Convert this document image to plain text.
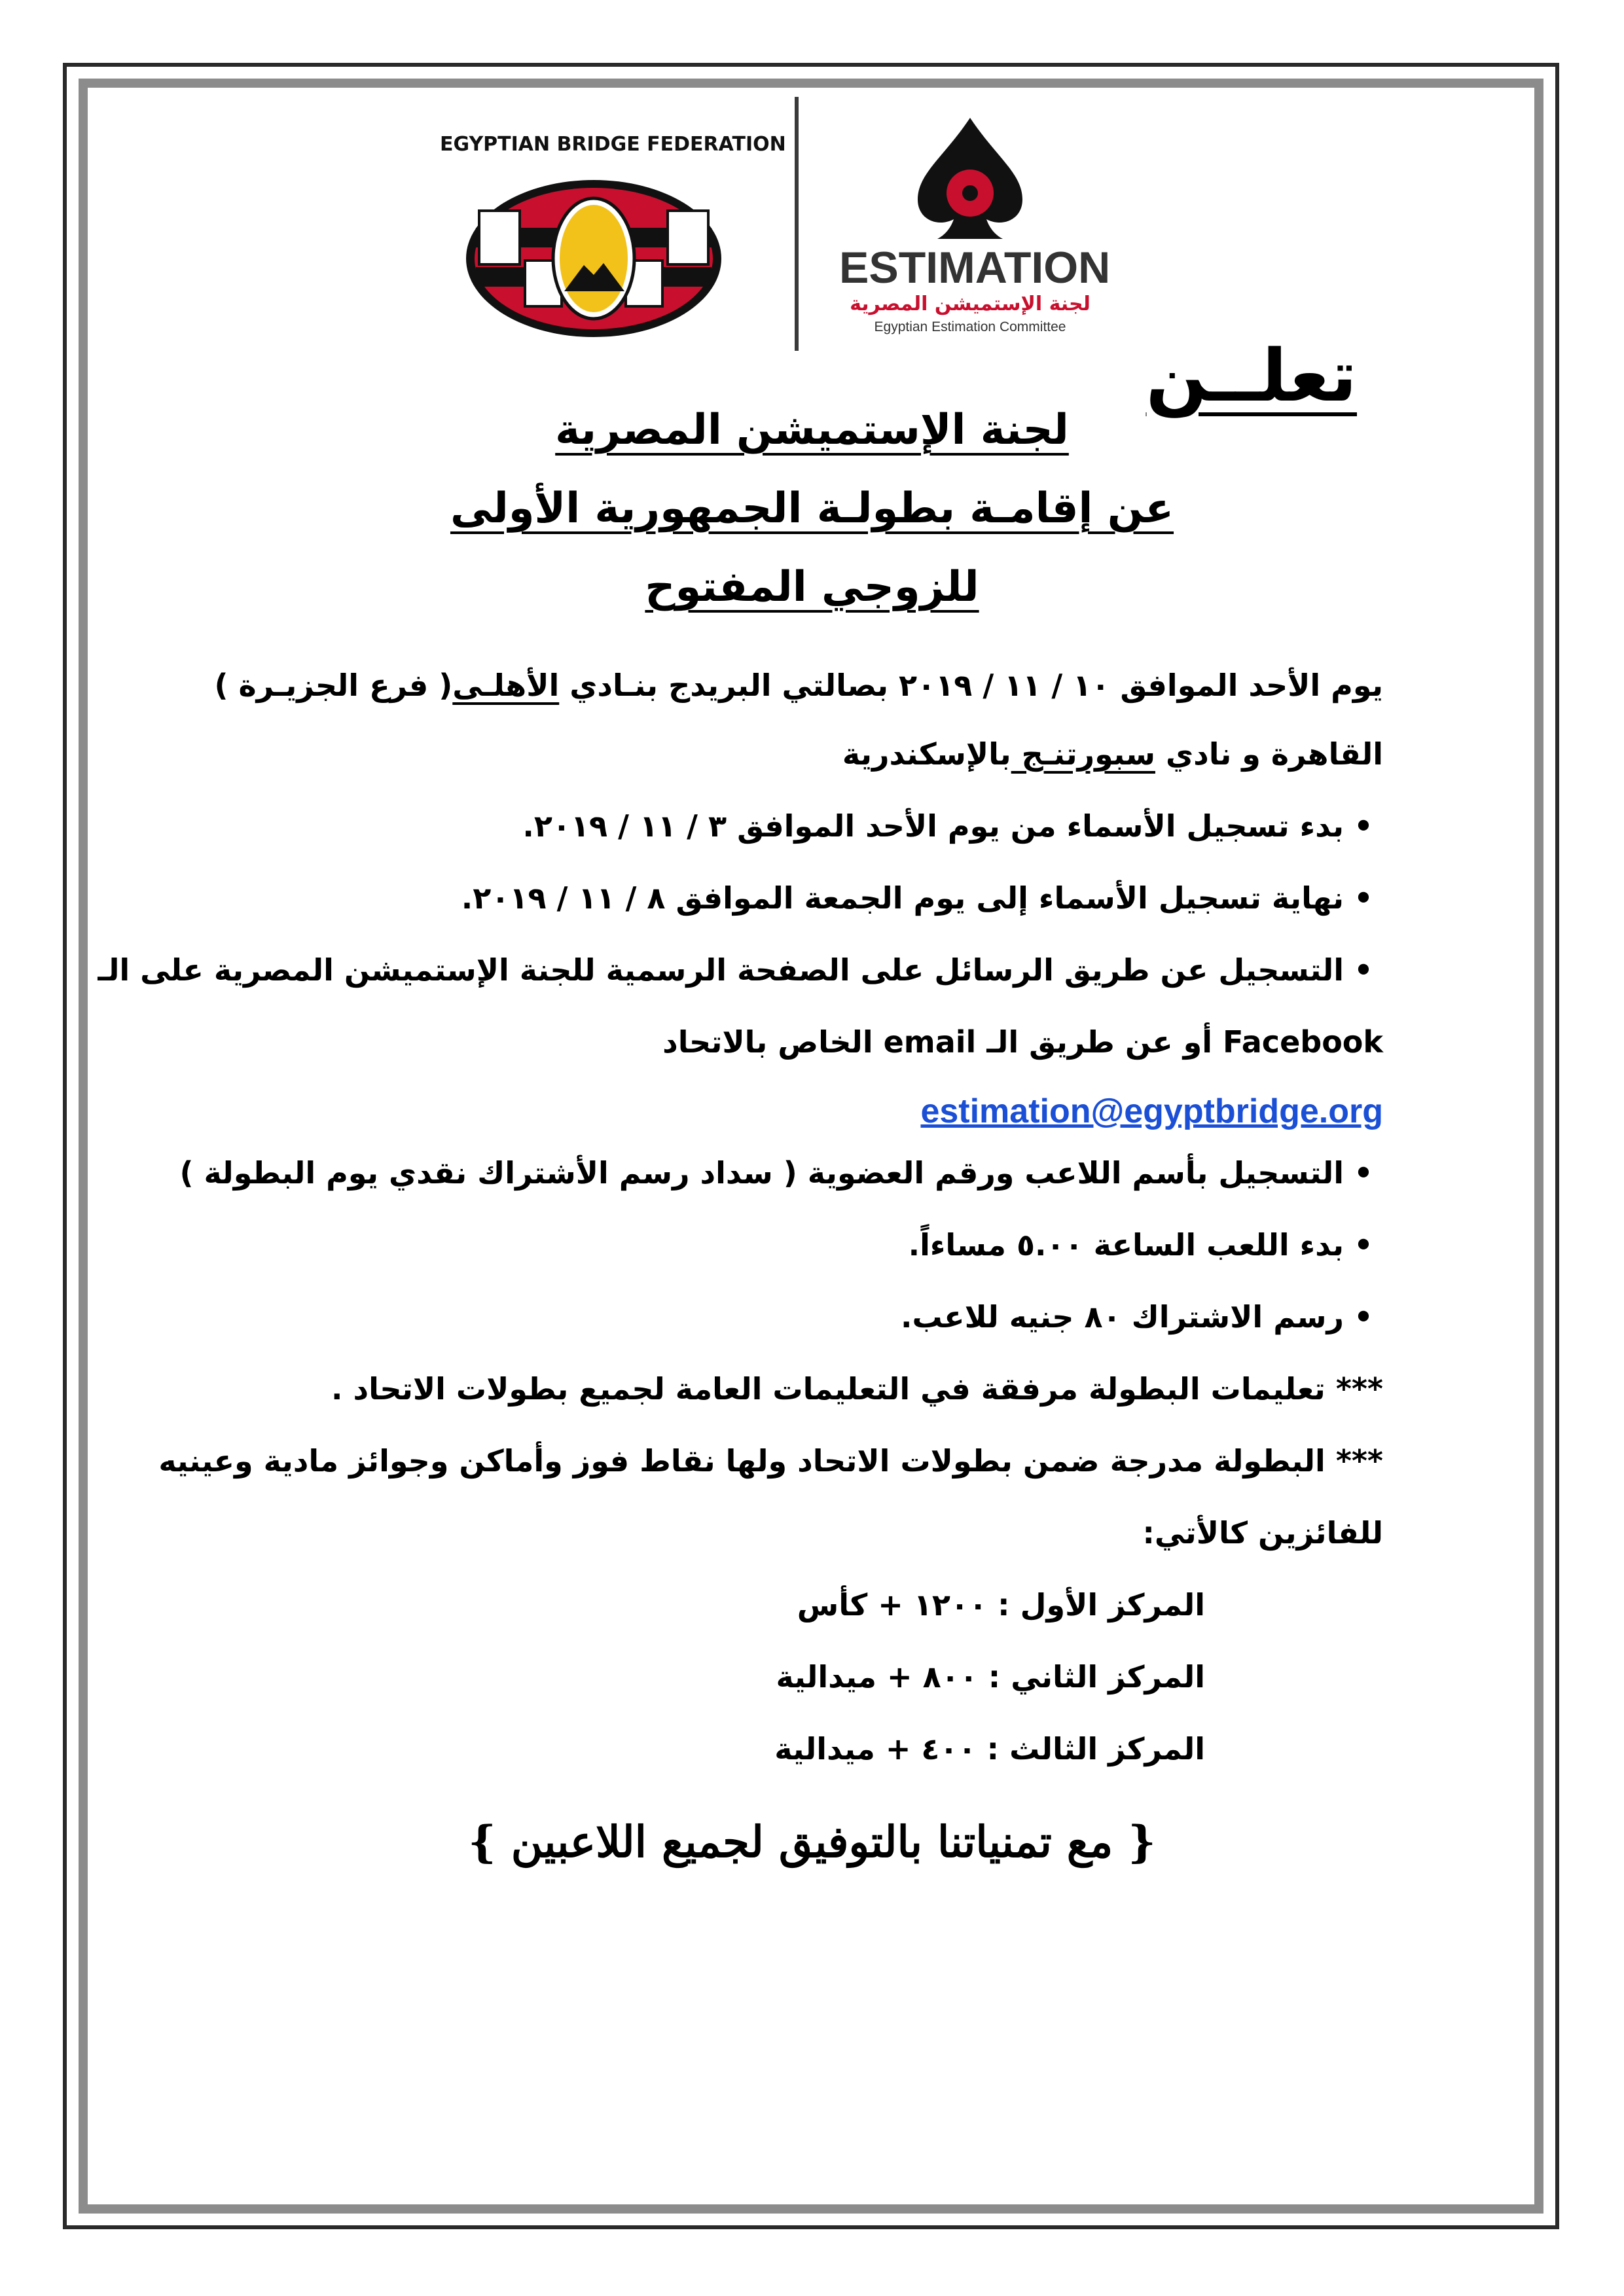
EGYPTIAN BRIDGE FEDERATION
ESTIMATION
لجنة الإستميشن المصرية
Egyptian Estimation Committee
تعلــن
لجنة الإستميشن المصرية
عن إقامـة بطولـة الجمهورية الأولى
للزوجي المفتوح
يوم الأحد الموافق ١٠ / ١١ / ٢٠١٩ بصالتي البريدج بنـادي الأهلـى( فرع الجزيـرة )
القاهرة و نادي سبورتنـج بالإسكندرية
•بدء تسجيل الأسماء من يوم الأحد الموافق ٣ / ١١ / ٢٠١٩.
•نهاية تسجيل الأسماء إلى يوم الجمعة الموافق ٨ / ١١ / ٢٠١٩.
•التسجيل عن طريق الرسائل على الصفحة الرسمية للجنة الإستميشن المصرية على الـ
Facebook أو عن طريق الـ email الخاص بالاتحاد
estimation@egyptbridge.org
•التسجيل بأسم اللاعب ورقم العضوية ( سداد رسم الأشتراك نقدي يوم البطولة )
•بدء اللعب الساعة ٥.٠٠ مساءاً.
•رسم الاشتراك ٨٠ جنيه للاعب.
*** تعليمات البطولة مرفقة في التعليمات العامة لجميع بطولات الاتحاد .
*** البطولة مدرجة ضمن بطولات الاتحاد ولها نقاط فوز وأماكن وجوائز مادية وعينيه
للفائزين كالأتي:
المركز الأول : ١٢٠٠ + كأس
المركز الثاني : ٨٠٠ + ميدالية
المركز الثالث : ٤٠٠ + ميدالية
{ مع تمنياتنا بالتوفيق لجميع اللاعبين }
